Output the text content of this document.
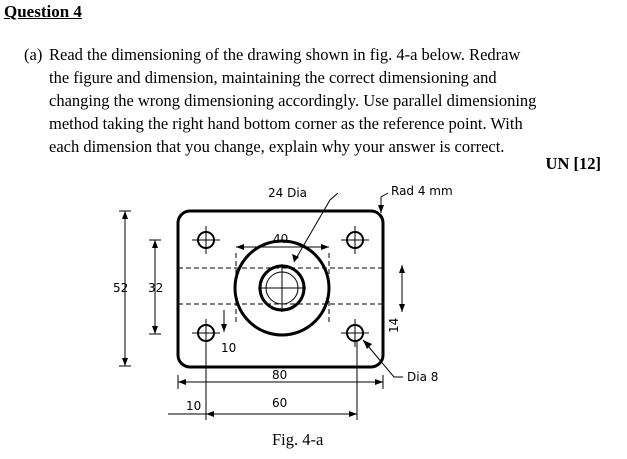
Question 4
(a) Read the dimensioning of the drawing shown in fig. 4-a below. Redraw
the figure and dimension, maintaining the correct dimensioning and
changing the wrong dimensioning accordingly. Use parallel dimensioning
method taking the right hand bottom corner as the reference point. With
each dimension that you change, explain why your answer is correct.
UN [12]
24 Dia	Rad 4 mm
40
52 32
10
14
80	Dia 8
10	60
Fig. 4-a
